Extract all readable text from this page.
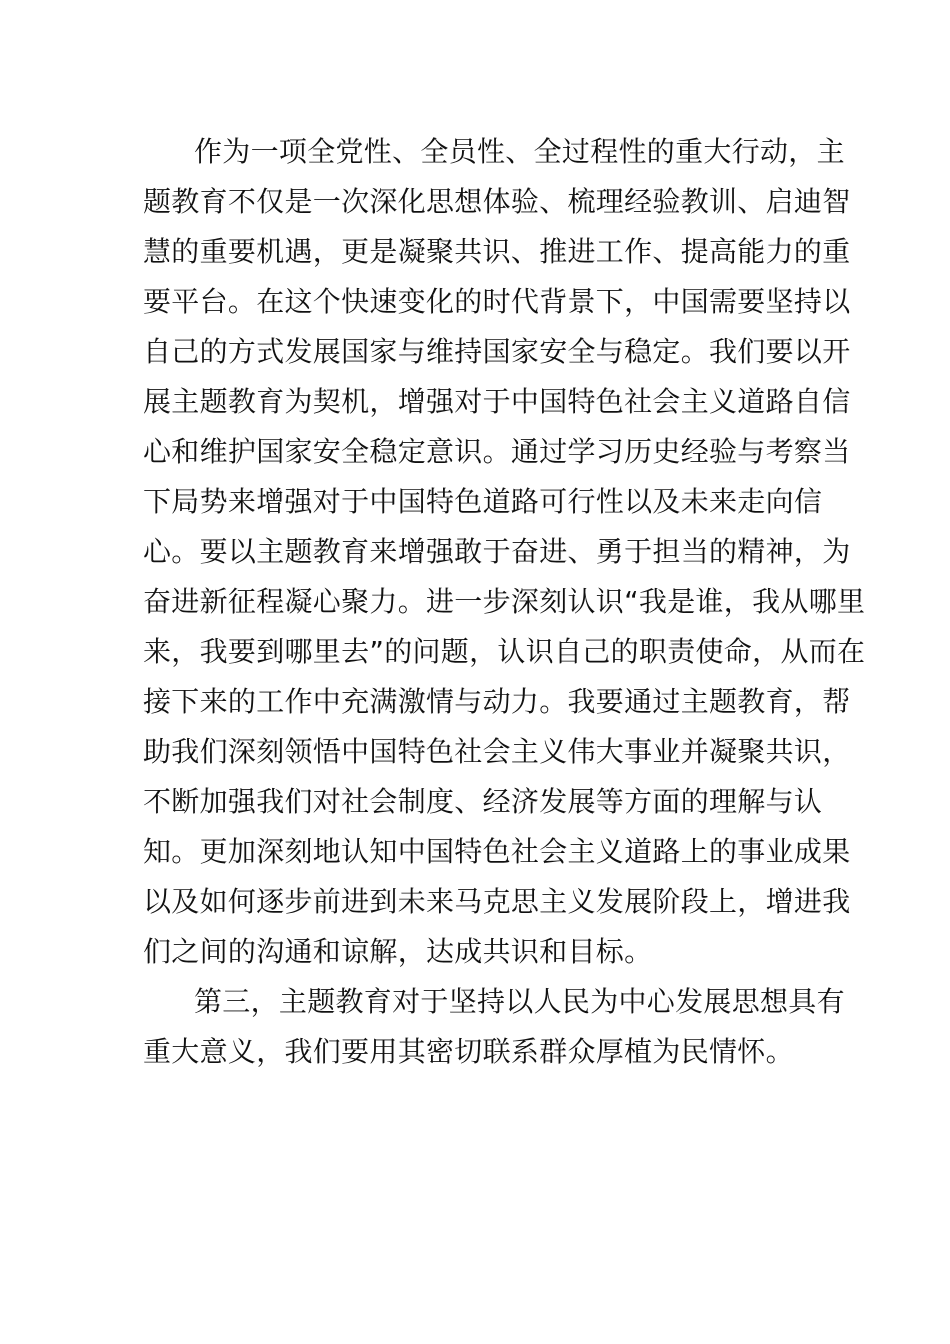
作为一项全党性、全员性、全过程性的重大行动，主
题教育不仅是一次深化思想体验、梳理经验教训、启迪智
慧的重要机遇，更是凝聚共识、推进工作、提高能力的重
要平台。在这个快速变化的时代背景下，中国需要坚持以
自己的方式发展国家与维持国家安全与稳定。我们要以开
展主题教育为契机，增强对于中国特色社会主义道路自信
心和维护国家安全稳定意识。通过学习历史经验与考察当
下局势来增强对于中国特色道路可行性以及未来走向信
心。要以主题教育来增强敢于奋进、勇于担当的精神，为
奋进新征程凝心聚力。进一步深刻认识“我是谁，我从哪里
来，我要到哪里去”的问题，认识自己的职责使命，从而在
接下来的工作中充满激情与动力。我要通过主题教育，帮
助我们深刻领悟中国特色社会主义伟大事业并凝聚共识，
不断加强我们对社会制度、经济发展等方面的理解与认
知。更加深刻地认知中国特色社会主义道路上的事业成果
以及如何逐步前进到未来马克思主义发展阶段上，增进我
们之间的沟通和谅解，达成共识和目标。
第三，主题教育对于坚持以人民为中心发展思想具有
重大意义，我们要用其密切联系群众厚植为民情怀。
